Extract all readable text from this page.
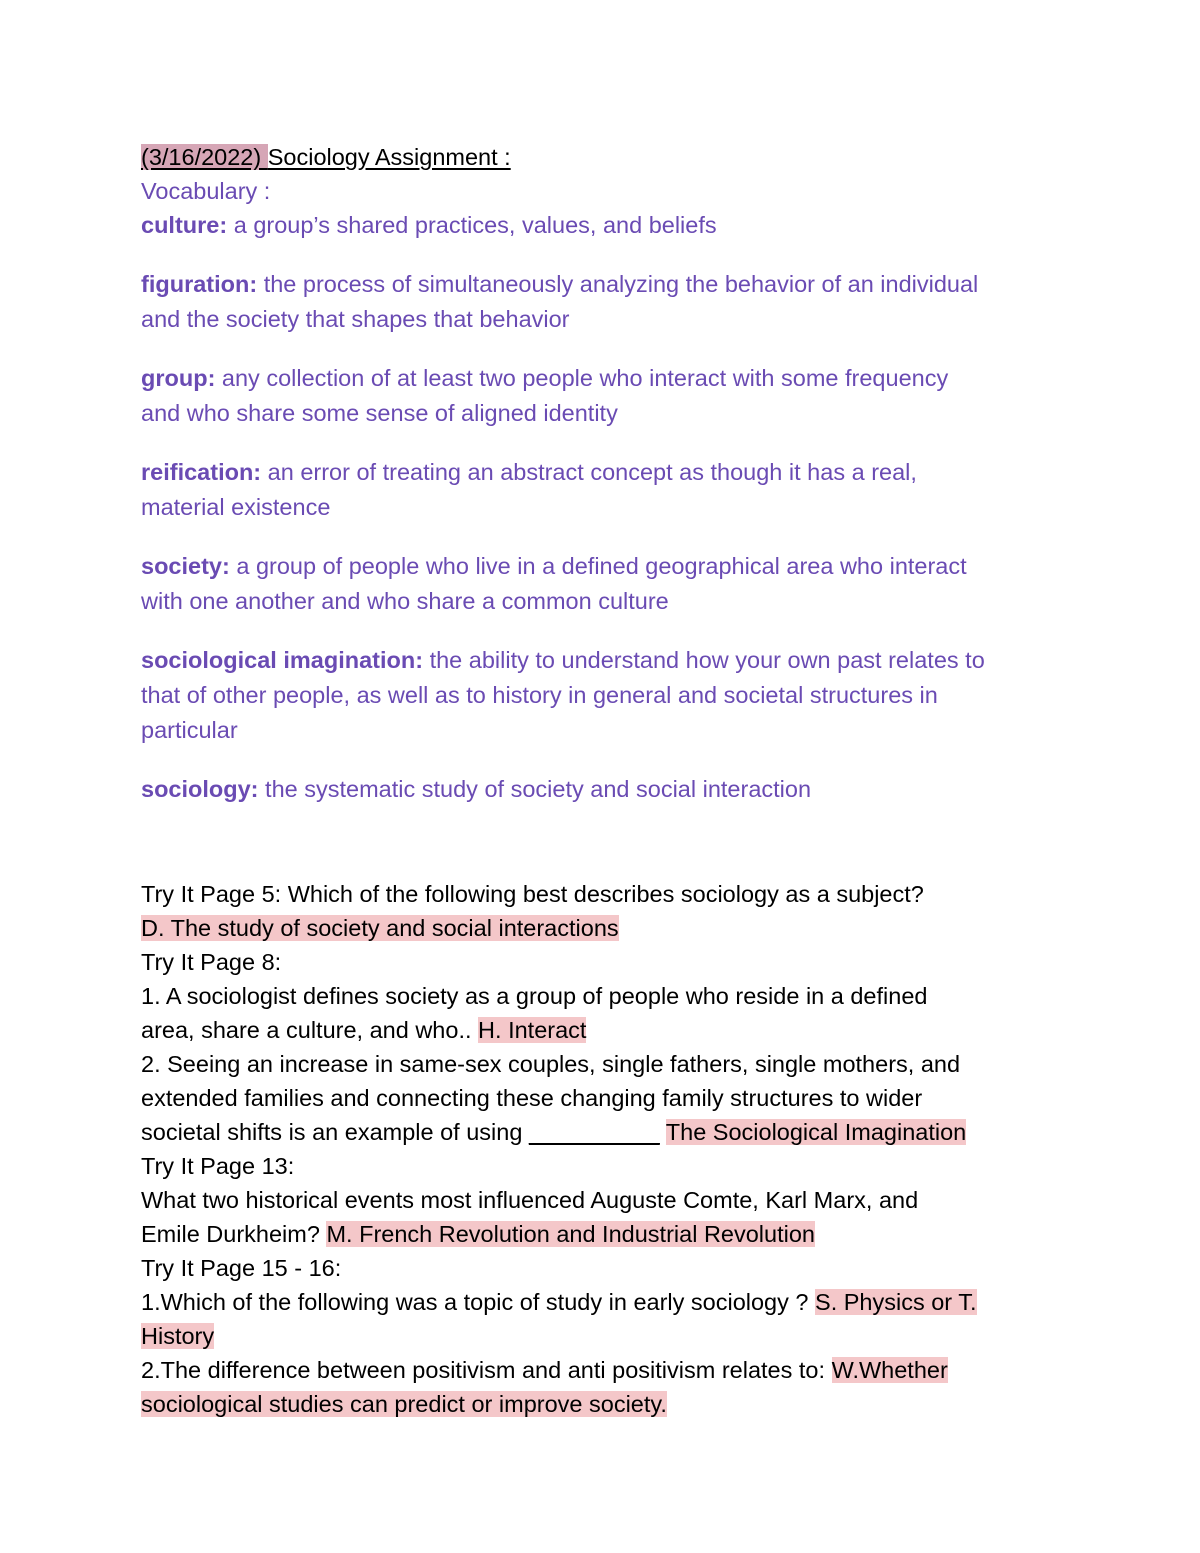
(3/16/2022) Sociology Assignment :
Vocabulary :
culture: a group’s shared practices, values, and beliefs
figuration: the process of simultaneously analyzing the behavior of an individual
and the society that shapes that behavior
group: any collection of at least two people who interact with some frequency
and who share some sense of aligned identity
reification: an error of treating an abstract concept as though it has a real,
material existence
society: a group of people who live in a defined geographical area who interact
with one another and who share a common culture
sociological imagination: the ability to understand how your own past relates to
that of other people, as well as to history in general and societal structures in
particular
sociology: the systematic study of society and social interaction
Try It Page 5: Which of the following best describes sociology as a subject?
D. The study of society and social interactions
Try It Page 8:
1. A sociologist defines society as a group of people who reside in a defined
area, share a culture, and who.. H. Interact
2. Seeing an increase in same-sex couples, single fathers, single mothers, and
extended families and connecting these changing family structures to wider
societal shifts is an example of using __________ The Sociological Imagination
Try It Page 13:
What two historical events most influenced Auguste Comte, Karl Marx, and
Emile Durkheim? M. French Revolution and Industrial Revolution
Try It Page 15 - 16:
1.Which of the following was a topic of study in early sociology ? S. Physics or T.
History
2.The difference between positivism and anti positivism relates to: W.Whether
sociological studies can predict or improve society.
